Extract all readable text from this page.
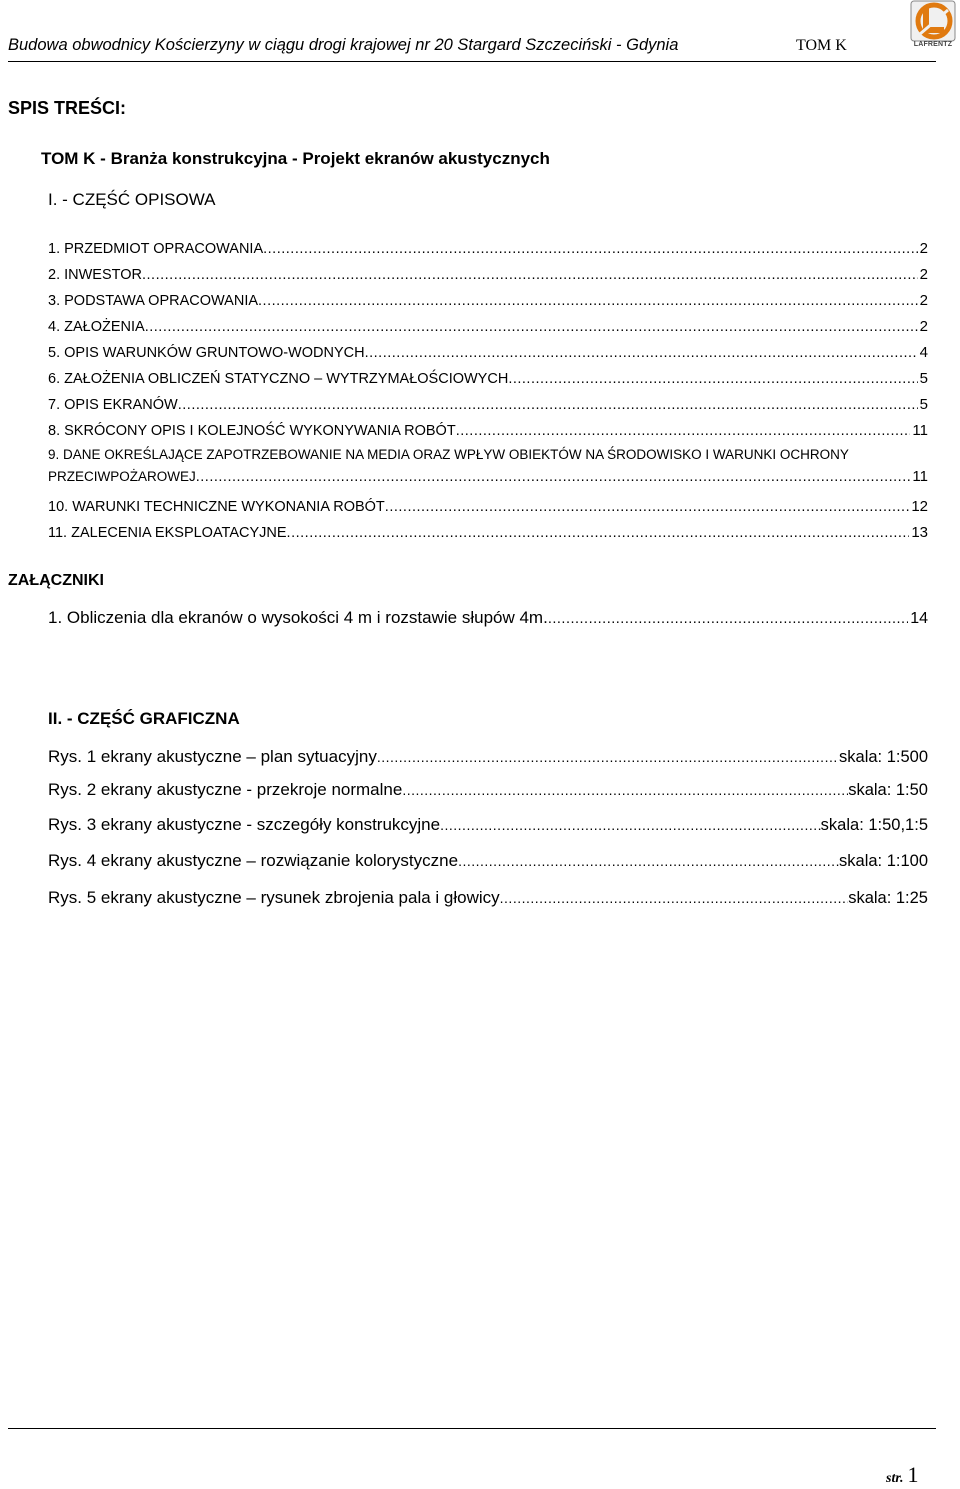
Budowa obwodnicy Kościerzyny w ciągu drogi krajowej nr 20 Stargard Szczeciński - Gdynia	TOM K	LAFRENTZ
SPIS TREŚCI:
TOM K - Branża konstrukcyjna - Projekt ekranów akustycznych
I. - CZĘŚĆ OPISOWA
1. PRZEDMIOT OPRACOWANIA .....	2
2. INWESTOR .....	2
3. PODSTAWA OPRACOWANIA .....	2
4. ZAŁOŻENIA .....	2
5. OPIS WARUNKÓW GRUNTOWO-WODNYCH .....	4
6. ZAŁOŻENIA OBLICZEŃ STATYCZNO – WYTRZYMAŁOŚCIOWYCH .....	5
7. OPIS EKRANÓW .....	5
8. SKRÓCONY OPIS I KOLEJNOŚĆ WYKONYWANIA ROBÓT .....	11
9. DANE OKREŚLAJĄCE ZAPOTRZEBOWANIE NA MEDIA ORAZ WPŁYW OBIEKTÓW NA ŚRODOWISKO I WARUNKI OCHRONY
PRZECIWPOŻAROWEJ .....	11
10. WARUNKI TECHNICZNE WYKONANIA ROBÓT .....	12
11. ZALECENIA EKSPLOATACYJNE .....	13
ZAŁĄCZNIKI
1. Obliczenia dla ekranów o wysokości 4 m i rozstawie słupów 4m. .....	14
II. - CZĘŚĆ GRAFICZNA
Rys. 1 ekrany akustyczne – plan sytuacyjny .....	skala: 1:500
Rys. 2 ekrany akustyczne - przekroje normalne .....	skala: 1:50
Rys. 3 ekrany akustyczne - szczegóły konstrukcyjne .....	skala: 1:50,1:5
Rys. 4 ekrany akustyczne – rozwiązanie kolorystyczne .....	skala: 1:100
Rys. 5 ekrany akustyczne – rysunek zbrojenia pala i głowicy .....	skala: 1:25
str. 1
